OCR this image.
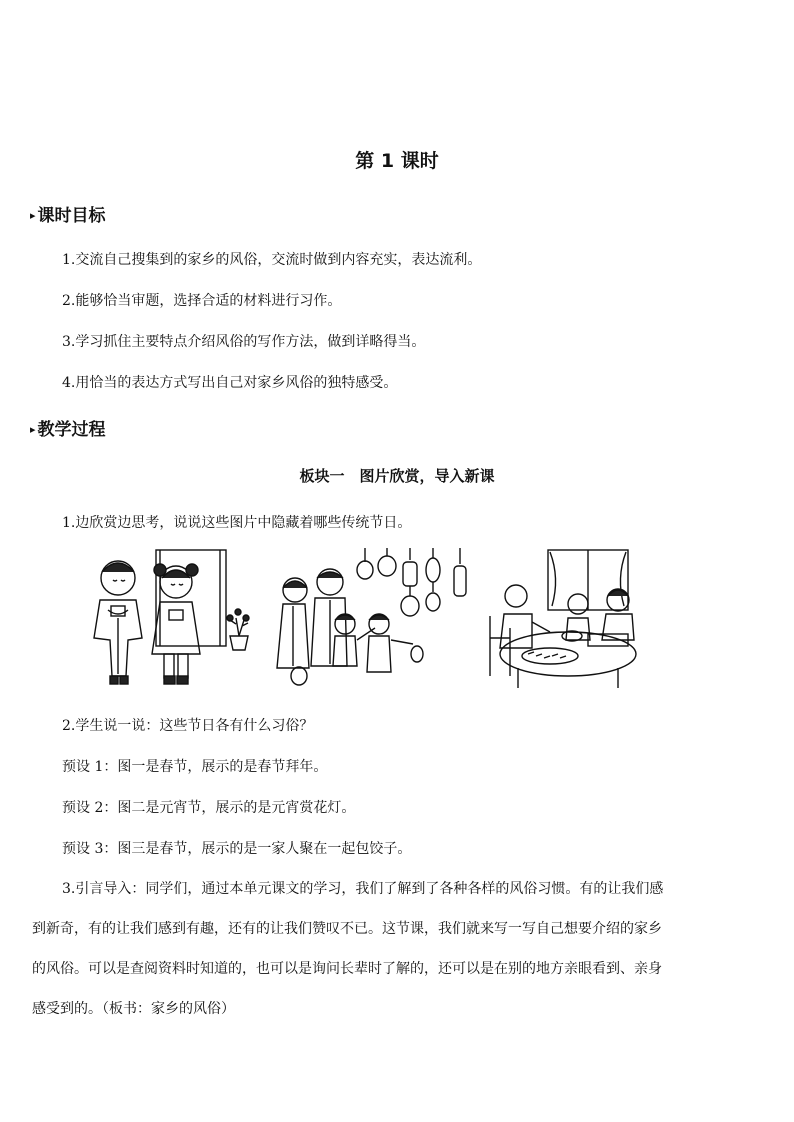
第 1 课时
▸ 课时目标
1.交流自己搜集到的家乡的风俗，交流时做到内容充实，表达流利。
2.能够恰当审题，选择合适的材料进行习作。
3.学习抓住主要特点介绍风俗的写作方法，做到详略得当。
4.用恰当的表达方式写出自己对家乡风俗的独特感受。
▸ 教学过程
板块一　图片欣赏，导入新课
1.边欣赏边思考，说说这些图片中隐藏着哪些传统节日。
2.学生说一说：这些节日各有什么习俗？
预设 1：图一是春节，展示的是春节拜年。
预设 2：图二是元宵节，展示的是元宵赏花灯。
预设 3：图三是春节，展示的是一家人聚在一起包饺子。
3.引言导入：同学们，通过本单元课文的学习，我们了解到了各种各样的风俗习惯。有的让我们感
到新奇，有的让我们感到有趣，还有的让我们赞叹不已。这节课，我们就来写一写自己想要介绍的家乡
的风俗。可以是查阅资料时知道的，也可以是询问长辈时了解的，还可以是在别的地方亲眼看到、亲身
感受到的。（板书：家乡的风俗）
